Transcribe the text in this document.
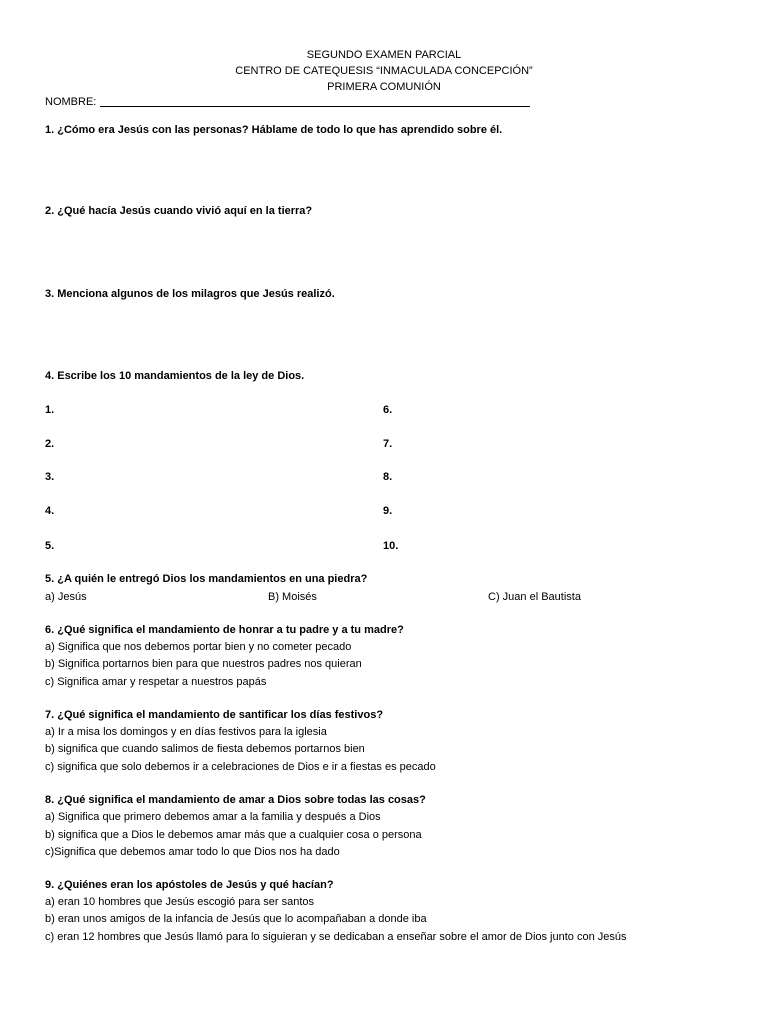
SEGUNDO EXAMEN PARCIAL
CENTRO DE CATEQUESIS “INMACULADA CONCEPCIÓN”
PRIMERA COMUNIÓN
NOMBRE:
1. ¿Cómo era Jesús con las personas? Háblame de todo lo que has aprendido sobre él.
2. ¿Qué hacía Jesús cuando vivió aquí en la tierra?
3. Menciona algunos de los milagros que Jesús realizó.
4. Escribe los 10 mandamientos de la ley de Dios.
1.
2.
3.
4.
5.
6.
7.
8.
9.
10.
5. ¿A quién le entregó Dios los mandamientos en una piedra?
a) Jesús	B) Moisés	C) Juan el Bautista
6. ¿Qué significa el mandamiento de honrar a tu padre y a tu madre?
a) Significa que nos debemos portar bien y no cometer pecado
b) Significa portarnos bien para que nuestros padres nos quieran
c) Significa amar y respetar a nuestros papás
7. ¿Qué significa el mandamiento de santificar los días festivos?
a) Ir a misa los domingos y en días festivos para la iglesia
b) significa que cuando salimos de fiesta debemos portarnos bien
c) significa que solo debemos ir a celebraciones de Dios e ir a fiestas es pecado
8. ¿Qué significa el mandamiento de amar a Dios sobre todas las cosas?
a) Significa que primero debemos amar a la familia y después a Dios
b) significa que a Dios le debemos amar más que a cualquier cosa o persona
c)Significa que debemos amar todo lo que Dios nos ha dado
9. ¿Quiénes eran los apóstoles de Jesús y qué hacían?
a) eran 10 hombres que Jesús escogió para ser santos
b) eran unos amigos de la infancia de Jesús que lo acompañaban a donde iba
c) eran 12 hombres que Jesús llamó para lo siguieran y se dedicaban a enseñar sobre el amor de Dios junto con Jesús
